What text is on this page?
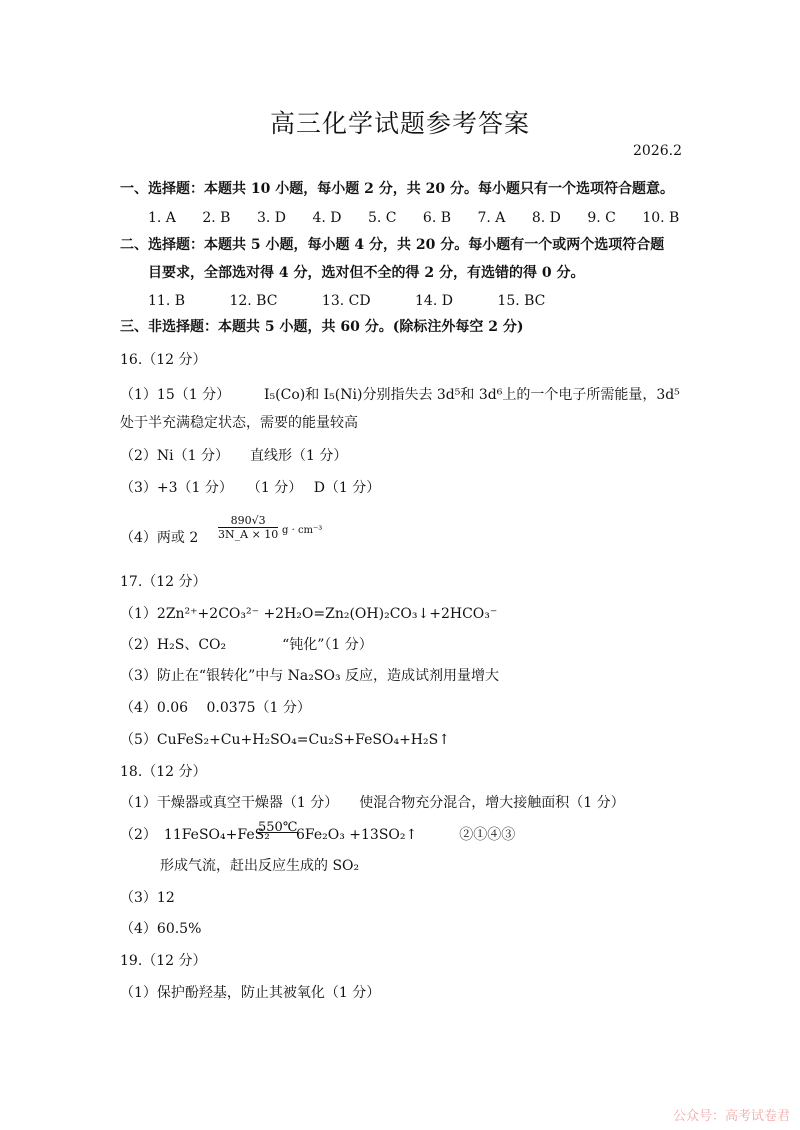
高三化学试题参考答案
2026.2
一、选择题：本题共 10 小题，每小题 2 分，共 20 分。每小题只有一个选项符合题意。
1. A 2. B 3. D 4. D 5. C 6. B 7. A 8. D 9. C 10. B
二、选择题：本题共 5 小题，每小题 4 分，共 20 分。每小题有一个或两个选项符合题
目要求，全部选对得 4 分，选对但不全的得 2 分，有选错的得 0 分。
11. B	12. BC	13. CD	14. D	15. BC
三、非选择题：本题共 5 小题，共 60 分。(除标注外每空 2 分)
16.（12 分）
（1）15（1 分） I₅(Co)和 I₅(Ni)分别指失去 3d⁵和 3d⁶上的一个电子所需能量，3d⁵
处于半充满稳定状态，需要的能量较高
（2）Ni（1 分）　　直线形（1 分）
（3）+3（1 分）　　（1 分）　 D（1 分）
（4）两或 $2 \frac{890√3}{3N\_A \times 10}$ g · cm⁻³
17.（12 分）
（1）2Zn²⁺+2CO₃²⁻ +2H₂O=Zn₂(OH)₂CO₃↓+2HCO₃⁻
（2）H₂S、CO₂　　　　“钝化”（1 分）
（3）防止在“银转化”中与 Na₂SO₃ 反应，造成试剂用量增大
（4）0.06　 0.0375（1 分）
（5）CuFeS₂+Cu+H₂SO₄=Cu₂S+FeSO₄+H₂S↑
18.（12 分）
（1）干燥器或真空干燥器（1 分）　　使混合物充分混合，增大接触面积（1 分）
（2）　11FeSO₄+FeS₂
550℃
6Fe₂O₃ +13SO₂↑　　　②①④③
形成气流，赶出反应生成的 SO₂
（3）12
（4）60.5%
19.（12 分）
（1）保护酚羟基，防止其被氧化（1 分）
公众号：高考试卷君
